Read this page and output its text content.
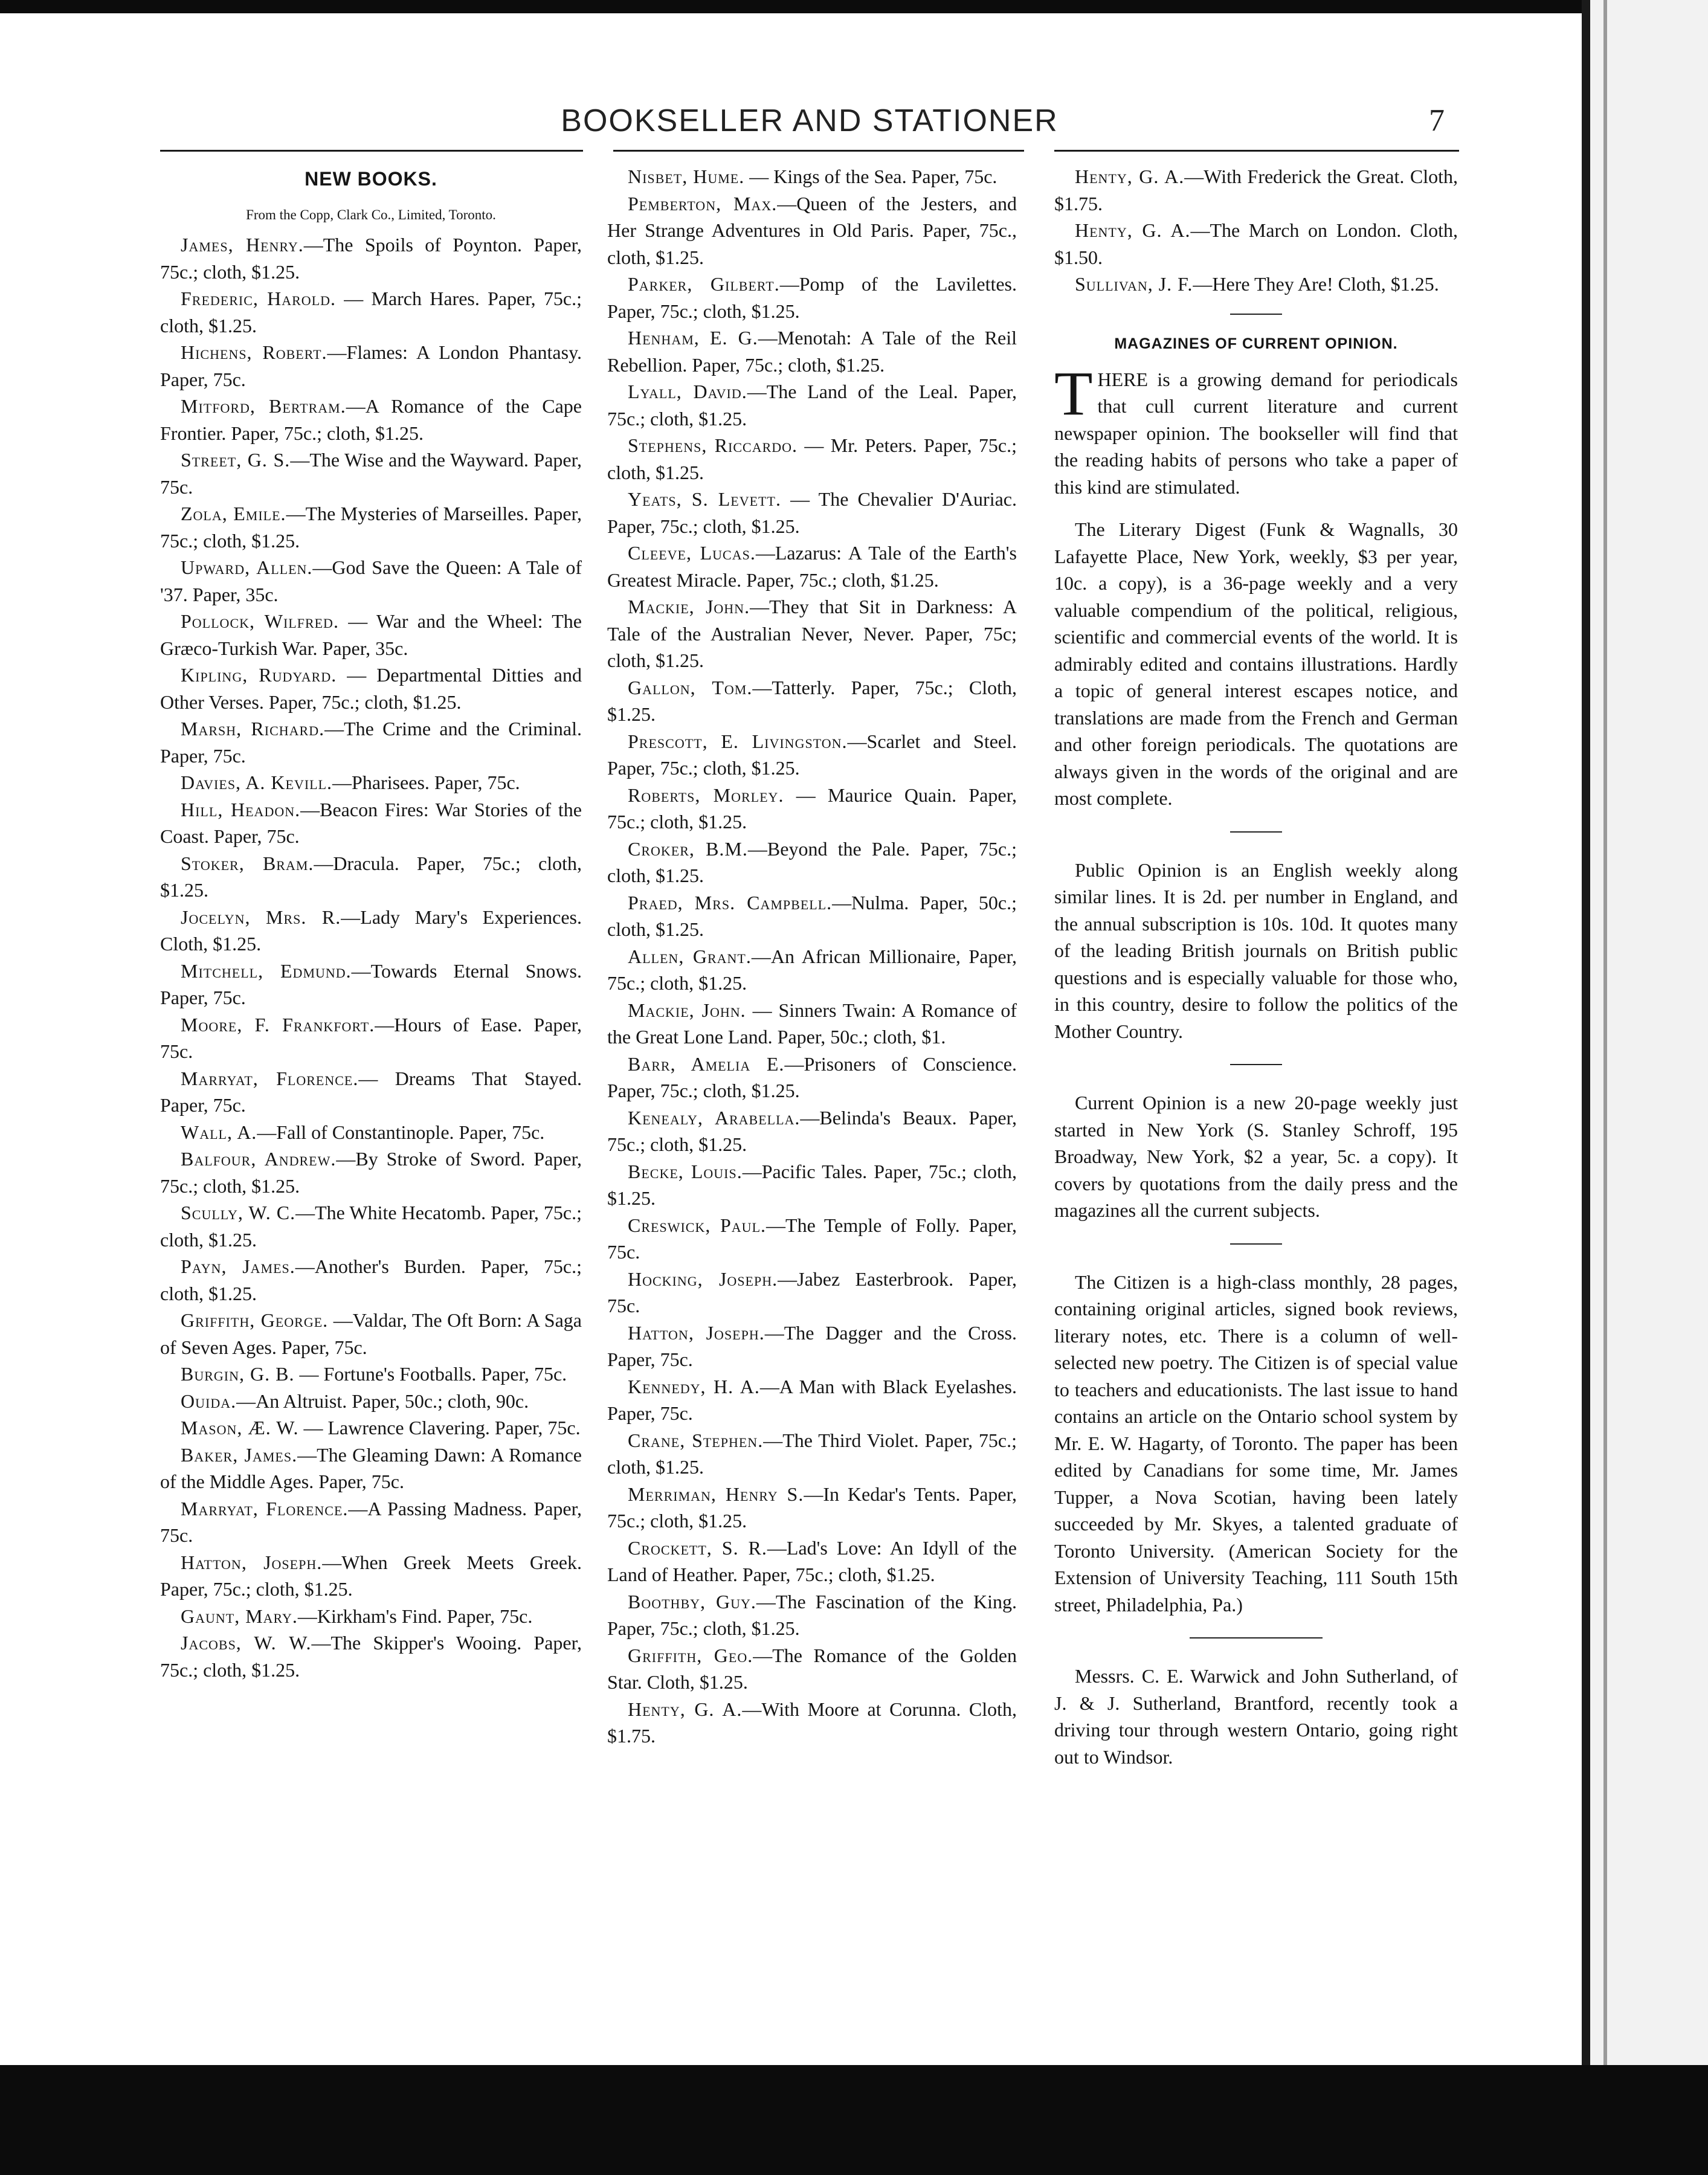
BOOKSELLER AND STATIONER	7
NEW BOOKS.
From the Copp, Clark Co., Limited, Toronto.

James, Henry.—The Spoils of Poynton. Paper, 75c.; cloth, $1.25.

Frederic, Harold. — March Hares. Paper, 75c.; cloth, $1.25.

Hichens, Robert.—Flames: A London Phantasy. Paper, 75c.

Mitford, Bertram.—A Romance of the Cape Frontier. Paper, 75c.; cloth, $1.25.

Street, G. S.—The Wise and the Wayward. Paper, 75c.

Zola, Emile.—The Mysteries of Marseilles. Paper, 75c.; cloth, $1.25.

Upward, Allen.—God Save the Queen: A Tale of '37. Paper, 35c.

Pollock, Wilfred. — War and the Wheel: The Græco-Turkish War. Paper, 35c.

Kipling, Rudyard. — Departmental Ditties and Other Verses. Paper, 75c.; cloth, $1.25.

Marsh, Richard.—The Crime and the Criminal. Paper, 75c.

Davies, A. Kevill.—Pharisees. Paper, 75c.

Hill, Headon.—Beacon Fires: War Stories of the Coast. Paper, 75c.

Stoker, Bram.—Dracula. Paper, 75c.; cloth, $1.25.

Jocelyn, Mrs. R.—Lady Mary's Experiences. Cloth, $1.25.

Mitchell, Edmund.—Towards Eternal Snows. Paper, 75c.

Moore, F. Frankfort.—Hours of Ease. Paper, 75c.

Marryat, Florence.— Dreams That Stayed. Paper, 75c.

Wall, A.—Fall of Constantinople. Paper, 75c.

Balfour, Andrew.—By Stroke of Sword. Paper, 75c.; cloth, $1.25.

Scully, W. C.—The White Hecatomb. Paper, 75c.; cloth, $1.25.

Payn, James.—Another's Burden. Paper, 75c.; cloth, $1.25.

Griffith, George. —Valdar, The Oft Born: A Saga of Seven Ages. Paper, 75c.

Burgin, G. B. — Fortune's Footballs. Paper, 75c.

Ouida.—An Altruist. Paper, 50c.; cloth, 90c.

Mason, Æ. W. — Lawrence Clavering. Paper, 75c.

Baker, James.—The Gleaming Dawn: A Romance of the Middle Ages. Paper, 75c.

Marryat, Florence.—A Passing Madness. Paper, 75c.

Hatton, Joseph.—When Greek Meets Greek. Paper, 75c.; cloth, $1.25.

Gaunt, Mary.—Kirkham's Find. Paper, 75c.

Jacobs, W. W.—The Skipper's Wooing. Paper, 75c.; cloth, $1.25.

Nisbet, Hume. — Kings of the Sea. Paper, 75c.

Pemberton, Max.—Queen of the Jesters, and Her Strange Adventures in Old Paris. Paper, 75c., cloth, $1.25.

Parker, Gilbert.—Pomp of the Lavilettes. Paper, 75c.; cloth, $1.25.

Henham, E. G.—Menotah: A Tale of the Reil Rebellion. Paper, 75c.; cloth, $1.25.

Lyall, David.—The Land of the Leal. Paper, 75c.; cloth, $1.25.

Stephens, Riccardo. — Mr. Peters. Paper, 75c.; cloth, $1.25.

Yeats, S. Levett. — The Chevalier D'Auriac. Paper, 75c.; cloth, $1.25.

Cleeve, Lucas.—Lazarus: A Tale of the Earth's Greatest Miracle. Paper, 75c.; cloth, $1.25.

Mackie, John.—They that Sit in Darkness: A Tale of the Australian Never, Never. Paper, 75c; cloth, $1.25.

Gallon, Tom.—Tatterly. Paper, 75c.; Cloth, $1.25.

Prescott, E. Livingston.—Scarlet and Steel. Paper, 75c.; cloth, $1.25.

Roberts, Morley. — Maurice Quain. Paper, 75c.; cloth, $1.25.

Croker, B.M.—Beyond the Pale. Paper, 75c.; cloth, $1.25.

Praed, Mrs. Campbell.—Nulma. Paper, 50c.; cloth, $1.25.

Allen, Grant.—An African Millionaire, Paper, 75c.; cloth, $1.25.

Mackie, John. — Sinners Twain: A Romance of the Great Lone Land. Paper, 50c.; cloth, $1.

Barr, Amelia E.—Prisoners of Conscience. Paper, 75c.; cloth, $1.25.

Kenealy, Arabella.—Belinda's Beaux. Paper, 75c.; cloth, $1.25.

Becke, Louis.—Pacific Tales. Paper, 75c.; cloth, $1.25.

Creswick, Paul.—The Temple of Folly. Paper, 75c.

Hocking, Joseph.—Jabez Easterbrook. Paper, 75c.

Hatton, Joseph.—The Dagger and the Cross. Paper, 75c.

Kennedy, H. A.—A Man with Black Eyelashes. Paper, 75c.

Crane, Stephen.—The Third Violet. Paper, 75c.; cloth, $1.25.

Merriman, Henry S.—In Kedar's Tents. Paper, 75c.; cloth, $1.25.

Crockett, S. R.—Lad's Love: An Idyll of the Land of Heather. Paper, 75c.; cloth, $1.25.

Boothby, Guy.—The Fascination of the King. Paper, 75c.; cloth, $1.25.

Griffith, Geo.—The Romance of the Golden Star. Cloth, $1.25.

Henty, G. A.—With Moore at Corunna. Cloth, $1.75.

Henty, G. A.—With Frederick the Great. Cloth, $1.75.

Henty, G. A.—The March on London. Cloth, $1.50.

Sullivan, J. F.—Here They Are! Cloth, $1.25.

MAGAZINES OF CURRENT OPINION.

THERE is a growing demand for periodicals that cull current literature and current newspaper opinion. The bookseller will find that the reading habits of persons who take a paper of this kind are stimulated.

The Literary Digest (Funk & Wagnalls, 30 Lafayette Place, New York, weekly, $3 per year, 10c. a copy), is a 36-page weekly and a very valuable compendium of the political, religious, scientific and commercial events of the world. It is admirably edited and contains illustrations. Hardly a topic of general interest escapes notice, and translations are made from the French and German and other foreign periodicals. The quotations are always given in the words of the original and are most complete.

Public Opinion is an English weekly along similar lines. It is 2d. per number in England, and the annual subscription is 10s. 10d. It quotes many of the leading British journals on British public questions and is especially valuable for those who, in this country, desire to follow the politics of the Mother Country.

Current Opinion is a new 20-page weekly just started in New York (S. Stanley Schroff, 195 Broadway, New York, $2 a year, 5c. a copy). It covers by quotations from the daily press and the magazines all the current subjects.

The Citizen is a high-class monthly, 28 pages, containing original articles, signed book reviews, literary notes, etc. There is a column of well-selected new poetry. The Citizen is of special value to teachers and educationists. The last issue to hand contains an article on the Ontario school system by Mr. E. W. Hagarty, of Toronto. The paper has been edited by Canadians for some time, Mr. James Tupper, a Nova Scotian, having been lately succeeded by Mr. Skyes, a talented graduate of Toronto University. (American Society for the Extension of University Teaching, 111 South 15th street, Philadelphia, Pa.)

Messrs. C. E. Warwick and John Sutherland, of J. & J. Sutherland, Brantford, recently took a driving tour through western Ontario, going right out to Windsor.
